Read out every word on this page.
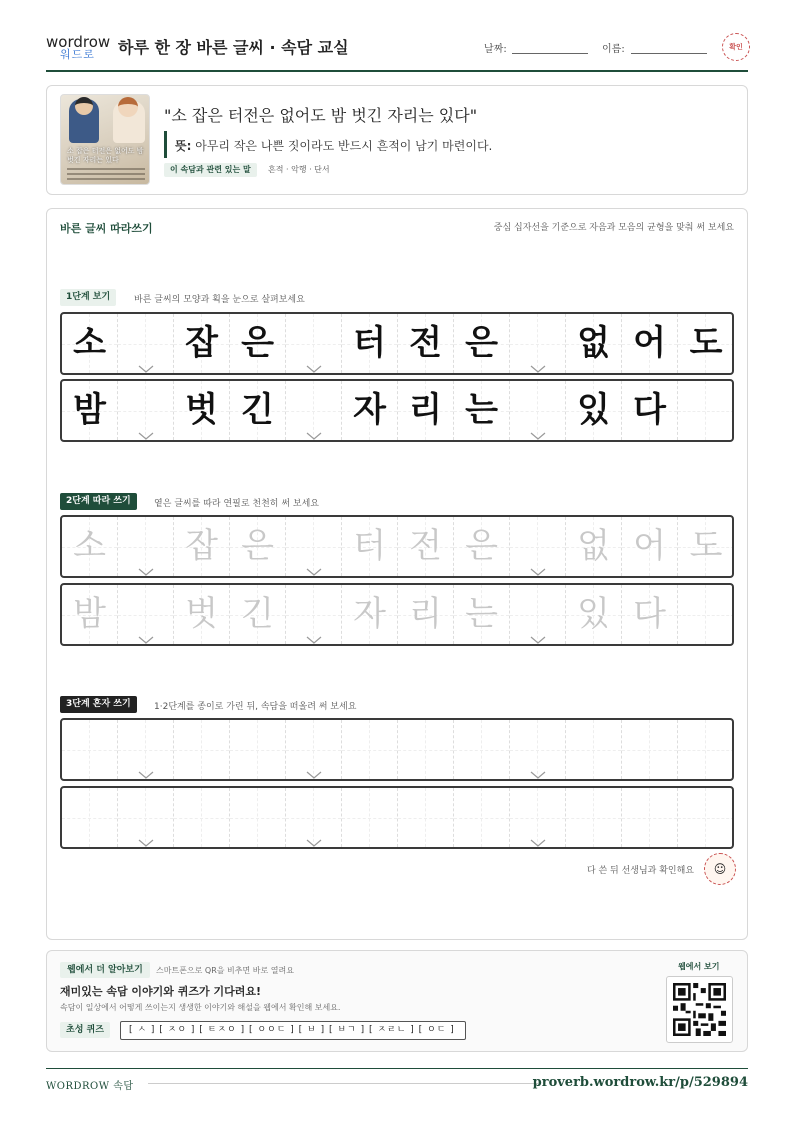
wordrow
워드로 하루 한 장 바른 글씨 · 속담 교실	날짜:	이름:	확인
소 잡은 터전은 없어도 밤 벗긴 자리는 있다
"소 잡은 터전은 없어도 밤 벗긴 자리는 있다"
뜻: 아무리 작은 나쁜 짓이라도 반드시 흔적이 남기 마련이다.
이 속담과 관련 있는 말	흔적 · 악행 · 단서
바른 글씨 따라쓰기	중심 십자선을 기준으로 자음과 모음의 균형을 맞춰 써 보세요
1단계 보기	바른 글씨의 모양과 획을 눈으로 살펴보세요
소	잡 은	터 전 은	없 어 도
밤	벗 긴	자 리 는	있 다
2단계 따라 쓰기	옅은 글씨를 따라 연필로 천천히 써 보세요
소	잡 은	터 전 은	없 어 도
밤	벗 긴	자 리 는	있 다
3단계 혼자 쓰기	1·2단계를 종이로 가린 뒤, 속담을 떠올려 써 보세요
다 쓴 뒤 선생님과 확인해요	☺
웹에서 더 알아보기	스마트폰으로 QR을 비추면 바로 열려요
재미있는 속담 이야기와 퀴즈가 기다려요!
속담이 일상에서 어떻게 쓰이는지 생생한 이야기와 해설을 웹에서 확인해 보세요.
초성 퀴즈	[ ㅅ ] [ ㅈㅇ ] [ ㅌㅈㅇ ] [ ㅇㅇㄷ ] [ ㅂ ] [ ㅂㄱ ] [ ㅈㄹㄴ ] [ ㅇㄷ ]
웹에서 보기
WORDROW 속담	proverb.wordrow.kr/p/529894
